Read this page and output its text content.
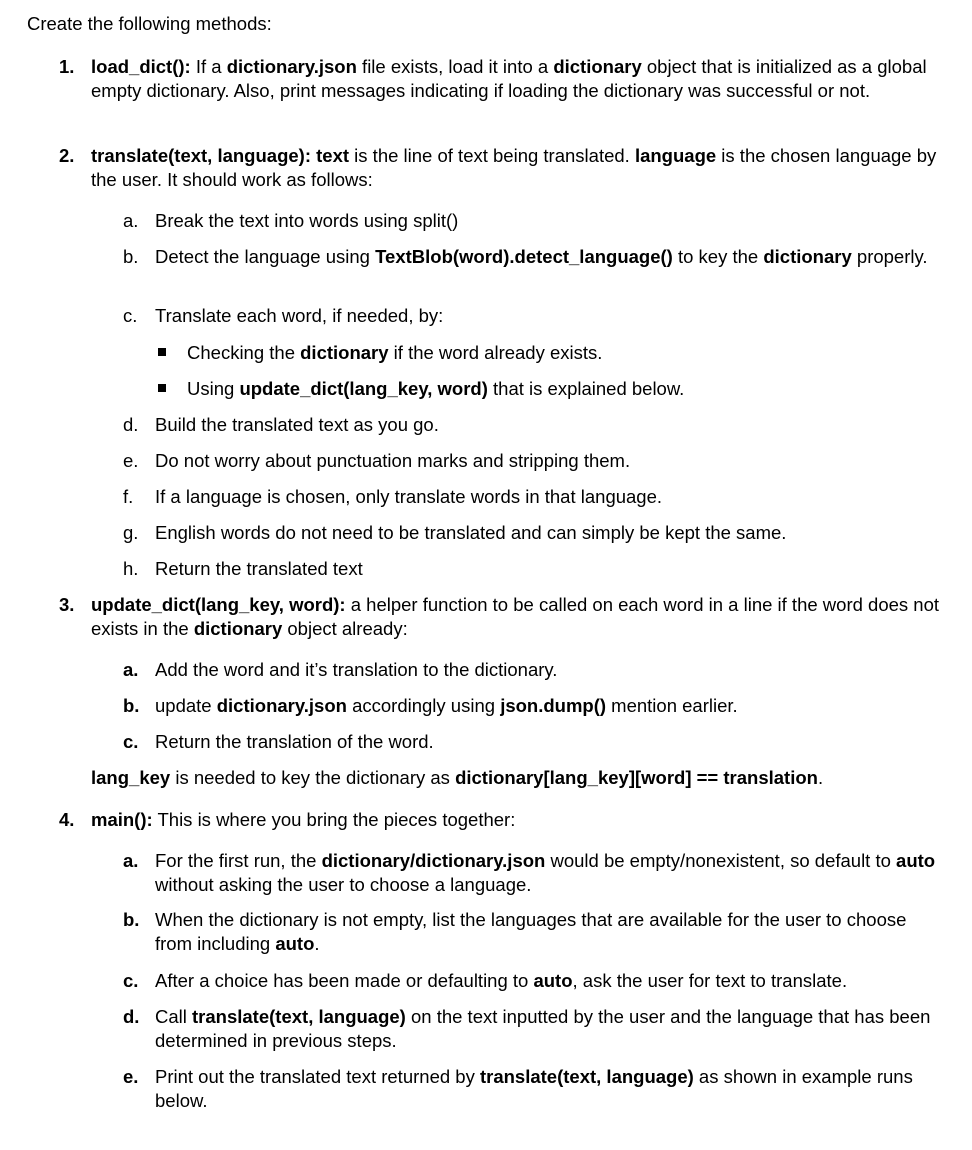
Create the following methods:
1. load_dict(): If a dictionary.json file exists, load it into a dictionary object that is initialized as a global empty dictionary. Also, print messages indicating if loading the dictionary was successful or not.
2. translate(text, language): text is the line of text being translated. language is the chosen language by the user. It should work as follows:
a. Break the text into words using split()
b. Detect the language using TextBlob(word).detect_language() to key the dictionary properly.
c. Translate each word, if needed, by:
Checking the dictionary if the word already exists.
Using update_dict(lang_key, word) that is explained below.
d. Build the translated text as you go.
e. Do not worry about punctuation marks and stripping them.
f. If a language is chosen, only translate words in that language.
g. English words do not need to be translated and can simply be kept the same.
h. Return the translated text
3. update_dict(lang_key, word): a helper function to be called on each word in a line if the word does not exists in the dictionary object already:
a. Add the word and it’s translation to the dictionary.
b. update dictionary.json accordingly using json.dump() mention earlier.
c. Return the translation of the word.
lang_key is needed to key the dictionary as dictionary[lang_key][word] == translation.
4. main(): This is where you bring the pieces together:
a. For the first run, the dictionary/dictionary.json would be empty/nonexistent, so default to auto without asking the user to choose a language.
b. When the dictionary is not empty, list the languages that are available for the user to choose from including auto.
c. After a choice has been made or defaulting to auto, ask the user for text to translate.
d. Call translate(text, language) on the text inputted by the user and the language that has been determined in previous steps.
e. Print out the translated text returned by translate(text, language) as shown in example runs below.
